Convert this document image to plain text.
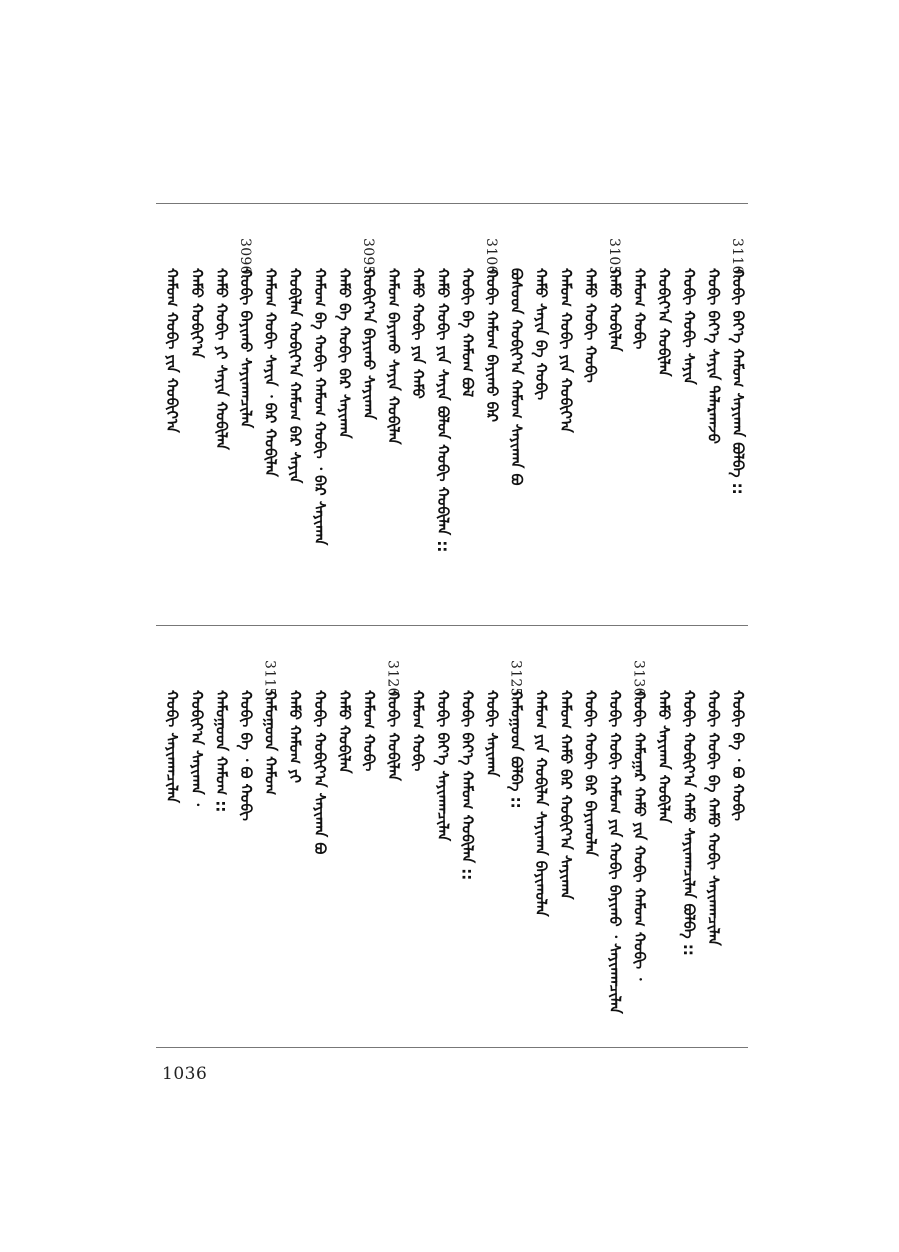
3110.
ᠬᠤᠪᠢ ᠪᠡᠶ᠎ᠡ ᠬᠠᠮᠤᠭ ᠰᠠᠶᠢᠬᠠᠨ ᠪᠣᠯᠪᠠ ::
ᠬᠤᠪᠢ ᠪᠡᠶ᠎ᠡ ᠰᠠᠶᠢᠨ ᠲᠠᠯᠠᠷᠬᠠᠵᠤ
ᠬᠣᠪᠢ ᠬᠤᠪᠢ ᠰᠠᠶᠢᠨ
ᠬᠤᠪᠢᠶ᠎ᠠ ᠬᠤᠪᠢᠯᠠᠨ
ᠬᠠᠮᠤᠭ ᠬᠤᠪᠢ
3105.
ᠬᠠᠮᠤ ᠬᠤᠪᠢᠯᠠᠨ
ᠬᠠᠮᠤ ᠬᠤᠪᠢ ᠬᠤᠪᠢ
ᠬᠠᠮᠤᠭ ᠬᠤᠪᠢ ᠶᠢᠨ ᠬᠤᠪᠢᠶ᠎ᠠ
ᠬᠠᠮᠤ ᠰᠠᠶᠢᠨ ᠪᠠ ᠬᠤᠪᠢ
ᠪᠤᠰᠤᠳ ᠬᠤᠪᠢᠶ᠎ᠠ ᠬᠠᠮᠤᠭ ᠰᠠᠶᠢᠬᠠᠨ ᠪᠤ
3100.
ᠬᠤᠪᠢ ᠬᠠᠮᠤᠭ ᠪᠠᠶᠢᠬᠤ ᠪᠡᠷ
ᠬᠤᠪᠢ ᠪᠠ ᠬᠠᠮᠤᠭ ᠪᠤᠯ
ᠬᠠᠮᠤ ᠬᠤᠪᠢ ᠶᠢᠨ ᠰᠠᠶᠢᠨ ᠪᠤᠯᠤᠨ ᠬᠤᠪᠢ ᠬᠤᠪᠢᠯᠠᠨ ::
ᠬᠠᠮᠤ ᠬᠤᠪᠢ ᠶᠢᠨ ᠬᠠᠮᠤ
ᠬᠠᠮᠤᠭ ᠪᠠᠶᠢᠬᠤ ᠰᠠᠶᠢᠨ ᠬᠤᠪᠢᠯᠠᠨ
3095.
ᠬᠤᠪᠢᠶ᠎ᠠ ᠪᠠᠶᠢᠬᠤ ᠰᠠᠶᠢᠬᠠᠨ
ᠬᠠᠮᠤ ᠪᠠ ᠬᠤᠪᠢ ᠪᠡᠷ ᠰᠠᠶᠢᠬᠠᠨ
ᠬᠠᠮᠤᠭ ᠪᠠ ᠬᠤᠪᠢ ᠬᠠᠮᠤᠭ ᠬᠤᠪᠢ ᠂ ᠪᠡᠷ ᠰᠠᠶᠢᠬᠠᠨ
ᠬᠤᠪᠢᠯᠠᠨ ᠬᠤᠪᠢᠶ᠎ᠠ ᠬᠠᠮᠤᠭ ᠪᠡᠷ ᠰᠠᠶᠢᠨ
ᠬᠠᠮᠤᠭ ᠬᠤᠪᠢ ᠰᠠᠶᠢᠨ ᠂ ᠪᠡᠷ ᠬᠤᠪᠢᠯᠠᠨ
3090.
ᠬᠤᠪᠢ ᠪᠠᠶᠢᠬᠤ ᠰᠠᠶᠢᠬᠠᠨᠴᠢᠯᠠᠨ
ᠬᠠᠮᠤ ᠬᠤᠪᠢ ᠶᠢ ᠰᠠᠶᠢᠨ ᠬᠤᠪᠢᠯᠠᠨ
ᠬᠠᠮᠤ ᠬᠤᠪᠢᠶ᠎ᠠ
ᠬᠠᠮᠤᠭ ᠬᠤᠪᠢ ᠶᠢᠨ ᠬᠤᠪᠢᠶ᠎ᠠ
ᠬᠤᠪᠢ ᠪᠠ ᠂ ᠪᠤ ᠬᠤᠪᠢ
ᠬᠤᠪᠢ ᠬᠤᠪᠢ ᠪᠠ ᠬᠠᠮᠤ ᠬᠤᠪᠢ ᠰᠠᠶᠢᠬᠠᠨᠴᠢᠯᠠᠨ
ᠬᠤᠪᠢ ᠬᠤᠪᠢᠶ᠎ᠠ ᠬᠠᠮᠤ ᠰᠠᠶᠢᠬᠠᠨᠴᠢᠯᠠᠨ ᠪᠣᠯᠪᠠ ::
ᠬᠠᠮᠤ ᠰᠠᠶᠢᠬᠠᠨ ᠬᠤᠪᠢᠯᠠᠨ
3130.
ᠬᠤᠪᠢ ᠬᠠᠮᠤᠭᠠᠷ ᠬᠠᠮᠤ ᠶᠢᠨ ᠬᠤᠪᠢ ᠬᠠᠮᠤᠭ ᠬᠤᠪᠢ ᠂
ᠬᠤᠪᠢ ᠬᠤᠪᠢ ᠬᠠᠮᠤᠭ ᠶᠢᠨ ᠬᠤᠪᠢ ᠪᠠᠶᠢᠬᠤ ᠂ ᠰᠠᠶᠢᠬᠠᠨᠴᠢᠯᠠᠨ
ᠬᠤᠪᠢ ᠬᠤᠪᠢ ᠪᠡᠷ ᠪᠠᠶᠢᠬᠤᠯᠠᠨ
ᠬᠠᠮᠤᠭ ᠬᠠᠮᠤ ᠪᠡᠷ ᠬᠤᠪᠢᠶ᠎ᠠ ᠰᠠᠶᠢᠬᠠᠨ
ᠬᠠᠮᠤᠭ ᠶᠢᠨ ᠬᠤᠪᠢᠯᠠᠨ ᠰᠠᠶᠢᠬᠠᠨ ᠪᠠᠶᠢᠬᠤᠯᠠᠨ
3125.
ᠬᠠᠮᠤᠭᠤᠳ ᠪᠤᠯᠪᠠ ::
ᠬᠤᠪᠢ ᠰᠠᠶᠢᠬᠠᠨ
ᠬᠤᠪᠢ ᠪᠡᠶ᠎ᠡ ᠬᠠᠮᠤᠭ ᠬᠤᠪᠢᠯᠠᠨ ::
ᠬᠤᠪᠢ ᠪᠡᠶ᠎ᠡ ᠰᠠᠶᠢᠬᠠᠨᠴᠢᠯᠠᠨ
ᠬᠠᠮᠤᠭ ᠬᠤᠪᠢ
3120.
ᠬᠤᠪᠢ ᠬᠤᠪᠢᠯᠠᠨ
ᠬᠠᠮᠤᠭ ᠬᠤᠪᠢ
ᠬᠠᠮᠤ ᠬᠤᠪᠢᠯᠠᠨ
ᠬᠤᠪᠢ ᠬᠤᠪᠢᠶ᠎ᠠ ᠰᠠᠶᠢᠬᠠᠨ ᠪᠤ
ᠬᠠᠮᠤ ᠬᠠᠮᠤᠭ ᠶᠢ
3115.
ᠬᠠᠮᠤᠭᠤᠳ ᠬᠠᠮᠤᠭ
ᠬᠤᠪᠢ ᠪᠠ ᠂ ᠪᠤ ᠬᠤᠪᠢ
ᠬᠠᠮᠤᠭᠤᠳ ᠬᠠᠮᠤᠭ ::
ᠬᠤᠪᠢᠶ᠎ᠠ ᠰᠠᠶᠢᠬᠠᠨ ᠂
ᠬᠤᠪᠢ ᠰᠠᠶᠢᠬᠠᠨᠴᠢᠯᠠᠨ
1036
